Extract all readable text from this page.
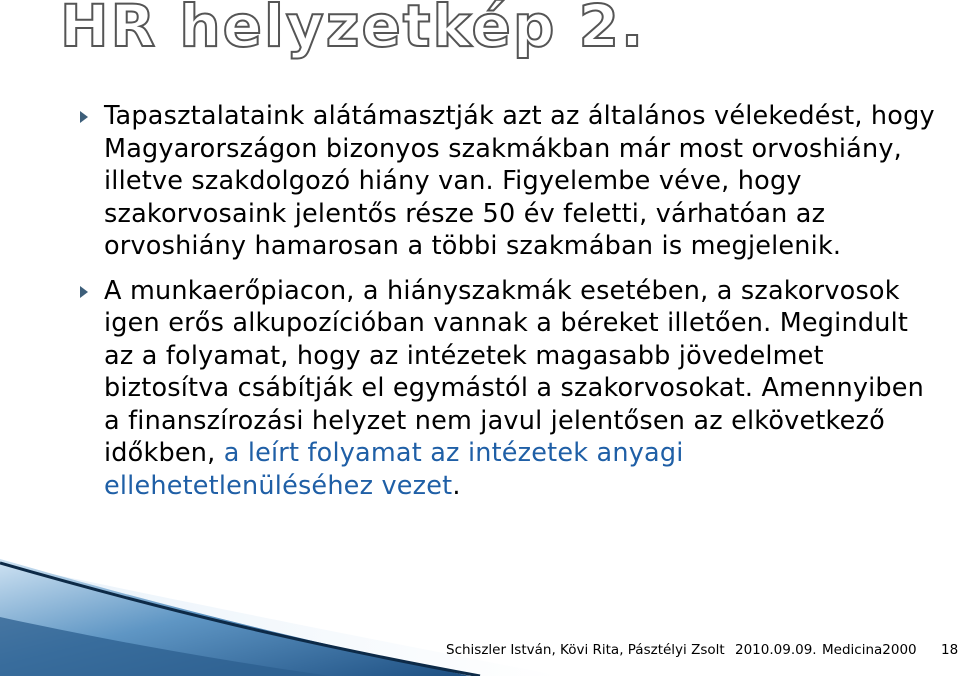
HR helyzetkép 2.
Tapasztalataink alátámasztják azt az általános vélekedést, hogy Magyarországon bizonyos szakmákban már most orvoshiány, illetve szakdolgozó hiány van. Figyelembe véve, hogy szakorvosaink jelentős része 50 év feletti, várhatóan az orvoshiány hamarosan a többi szakmában is megjelenik.
A munkaerőpiacon, a hiányszakmák esetében, a szakorvosok igen erős alkupozícióban vannak a béreket illetően. Megindult az a folyamat, hogy az intézetek magasabb jövedelmet biztosítva csábítják el egymástól a szakorvosokat. Amennyiben a finanszírozási helyzet nem javul jelentősen az elkövetkező időkben, a leírt folyamat az intézetek anyagi ellehetetlenüléséhez vezet.
Schiszler István, Kövi Rita, Pásztélyi Zsolt 2010.09.09. Medicina2000 18
